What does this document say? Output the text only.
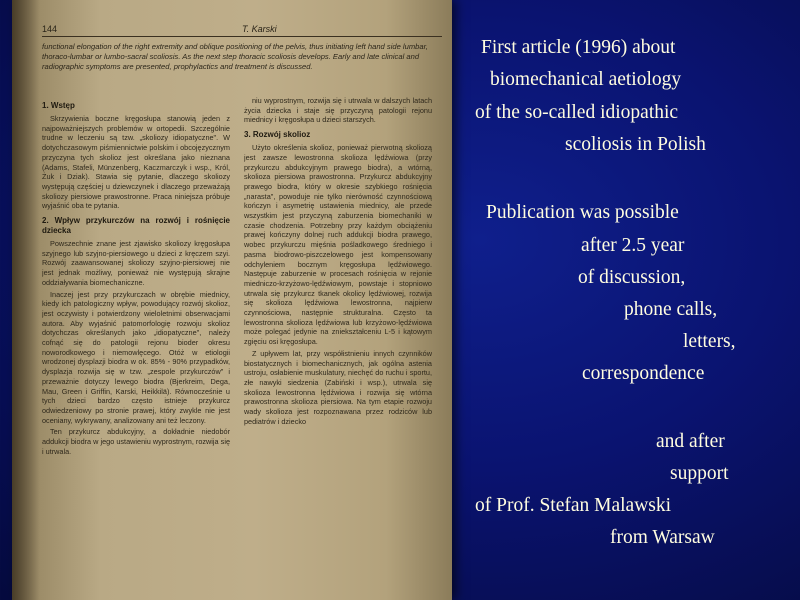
144	T. Karski
functional elongation of the right extremity and oblique positioning of the pelvis, thus initiating left hand side lumbar, thoraco-lumbar or lumbo-sacral scoliosis. As the next step thoracic scoliosis develops. Early and late clinical and radiographic symptoms are presented, prophylactics and treatment is discussed.
1. Wstęp

Skrzywienia boczne kręgosłupa stanowią jeden z najpoważniejszych problemów w ortopedii. Szczególnie trudne w leczeniu są tzw. „skoliozy idiopatyczne". W dotychczasowym piśmiennictwie polskim i obcojęzycznym przyczyna tych skolioz jest określana jako nieznana (Adams, Stafeli, Münzenberg, Kaczmarczyk i wsp., Król, Żuk i Dziak). Stawia się pytanie, dlaczego skoliozy występują częściej u dziewczynek i dlaczego przeważają skoliozy piersiowe prawostronne. Praca niniejsza próbuje wyjaśnić oba te pytania.

2. Wpływ przykurczów na rozwój i rośnięcie dziecka

Powszechnie znane jest zjawisko skoliozy kręgosłupa szyjnego lub szyjno-piersiowego u dzieci z kręczem szyi. Rozwój zaawansowanej skoliozy szyjno-piersiowej nie jest jednak możliwy, ponieważ nie występują skrajne oddziaływania biomechaniczne.

Inaczej jest przy przykurczach w obrębie miednicy, kiedy ich patologiczny wpływ, powodujący rozwój skolioz, jest oczywisty i potwierdzony wieloletnimi obserwacjami autora. Aby wyjaśnić patomorfologię rozwoju skolioz dotychczas określanych jako „idiopatyczne", należy cofnąć się do patologii rejonu bioder okresu noworodkowego i niemowlęcego. Otóż w etiologii wrodzonej dysplazji biodra w ok. 85% - 90% przypadków, dysplazja rozwija się w tzw. „zespole przykurczów" i przeważnie dotyczy lewego biodra (Bjerkreim, Dega, Mau, Green i Griffin, Karski, Heikkilä). Równocześnie u tych dzieci bardzo często istnieje przykurcz odwiedzeniowy po stronie prawej, który zwykle nie jest oceniany, wykrywany, analizowany ani też leczony.

Ten przykurcz abdukcyjny, a dokładnie niedobór addukcji biodra w jego ustawieniu wyprostnym, rozwija się i utrwala.

niu wyprostnym, rozwija się i utrwala w dalszych latach życia dziecka i staje się przyczyną patologii rejonu miednicy i kręgosłupa u dzieci starszych.

3. Rozwój skolioz

Użyto określenia skolioz, ponieważ pierwotną skoliozą jest zawsze lewostronna skolioza lędźwiowa (przy przykurczu abdukcyjnym prawego biodra), a wtórną, skolioza piersiowa prawostronna. Przykurcz abdukcyjny prawego biodra, który w okresie szybkiego rośnięcia „narasta", powoduje nie tylko nierówność czynnościową kończyn i asymetrię ustawienia miednicy, ale przede wszystkim jest przyczyną zaburzenia biomechaniki w czasie chodzenia. Potrzebny przy każdym obciążeniu prawej kończyny dolnej ruch addukcji biodra prawego, wobec przykurczu mięśnia pośladkowego średniego i pasma biodrowo-piszczelowego jest kompensowany odchyleniem bocznym kręgosłupa lędźwiowego. Następuje zaburzenie w procesach rośnięcia w rejonie miedniczo-krzyżowo-lędźwiowym, powstaje i stopniowo utrwala się przykurcz tkanek okolicy lędźwiowej, rozwija się skolioza lędźwiowa lewostronna, najpierw czynnościowa, następnie strukturalna. Często ta lewostronna skolioza lędźwiowa lub krzyżowo-lędźwiowa może polegać jedynie na zniekształceniu L-5 i kątowym zgięciu osi kręgosłupa.

Z upływem lat, przy współistnieniu innych czynników biostatycznych i biomechanicznych, jak ogólna astenia ustroju, osłabienie muskulatury, niechęć do ruchu i sportu, złe nawyki siedzenia (Zabiński i wsp.), utrwala się skolioza lewostronna lędźwiowa i rozwija się wtórna prawostronna skolioza piersiowa. Na tym etapie rozwoju wady skolioza jest rozpoznawana przez rodziców lub pediatrów i dziecko

First article (1996) about
biomechanical aetiology
of the so-called idiopathic
scoliosis in Polish
Publication was possible
after 2.5 year
of discussion,
phone calls,
letters,
correspondence
and after
support
of Prof. Stefan Malawski
from Warsaw
